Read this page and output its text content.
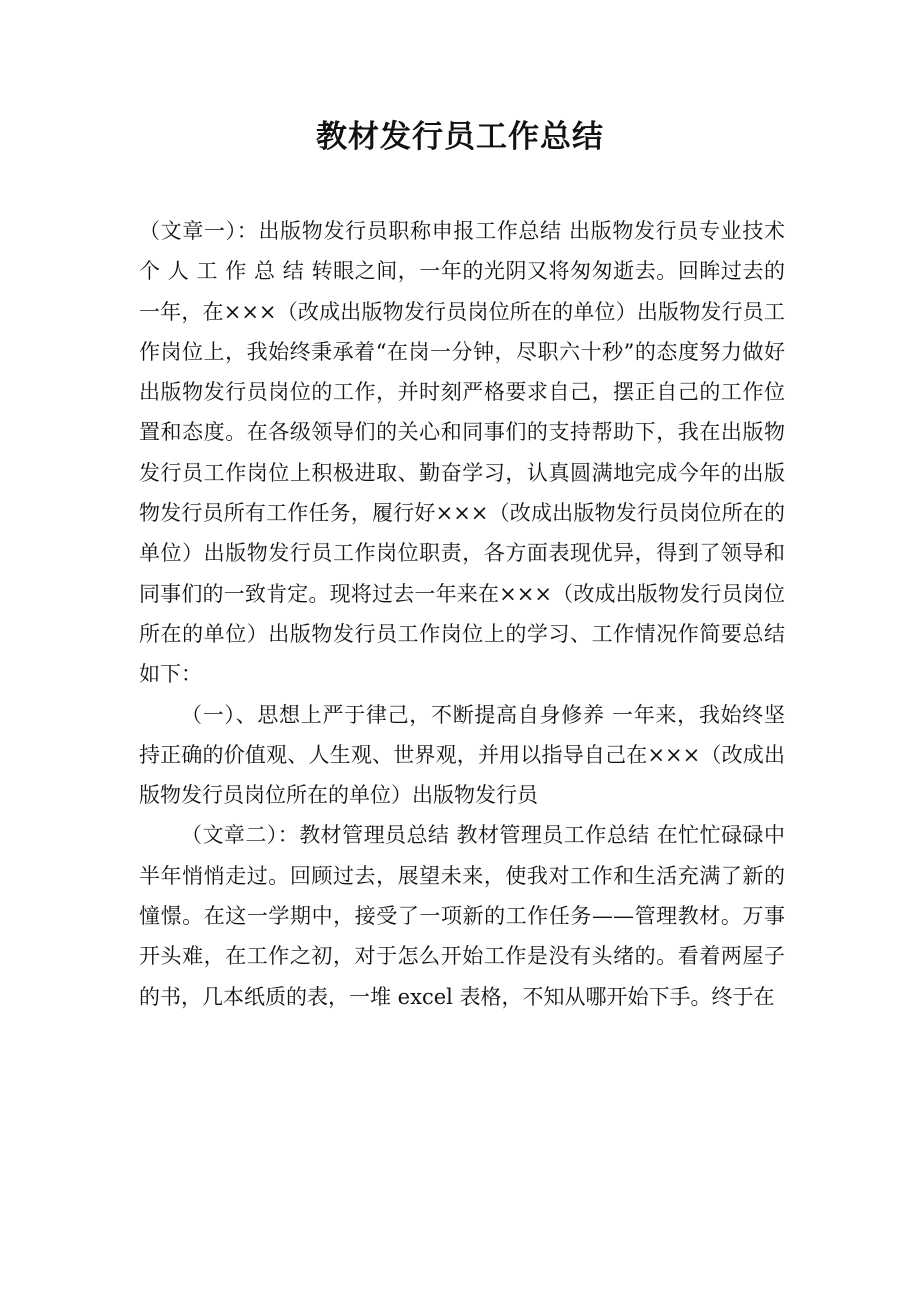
教材发行员工作总结

（文章一）：出版物发行员职称申报工作总结 出版物发行员专业技术个 人 工 作 总 结 转眼之间，一年的光阴又将匆匆逝去。回眸过去的一年，在×××（改成出版物发行员岗位所在的单位）出版物发行员工作岗位上，我始终秉承着“在岗一分钟，尽职六十秒”的态度努力做好出版物发行员岗位的工作，并时刻严格要求自己，摆正自己的工作位置和态度。在各级领导们的关心和同事们的支持帮助下，我在出版物发行员工作岗位上积极进取、勤奋学习，认真圆满地完成今年的出版物发行员所有工作任务，履行好×××（改成出版物发行员岗位所在的单位）出版物发行员工作岗位职责，各方面表现优异，得到了领导和同事们的一致肯定。现将过去一年来在×××（改成出版物发行员岗位所在的单位）出版物发行员工作岗位上的学习、工作情况作简要总结如下：

（一）、思想上严于律己，不断提高自身修养 一年来，我始终坚持正确的价值观、人生观、世界观，并用以指导自己在×××（改成出版物发行员岗位所在的单位）出版物发行员

（文章二）：教材管理员总结 教材管理员工作总结 在忙忙碌碌中半年悄悄走过。回顾过去，展望未来，使我对工作和生活充满了新的憧憬。在这一学期中，接受了一项新的工作任务——管理教材。万事开头难，在工作之初，对于怎么开始工作是没有头绪的。看着两屋子的书，几本纸质的表，一堆 excel 表格，不知从哪开始下手。终于在
